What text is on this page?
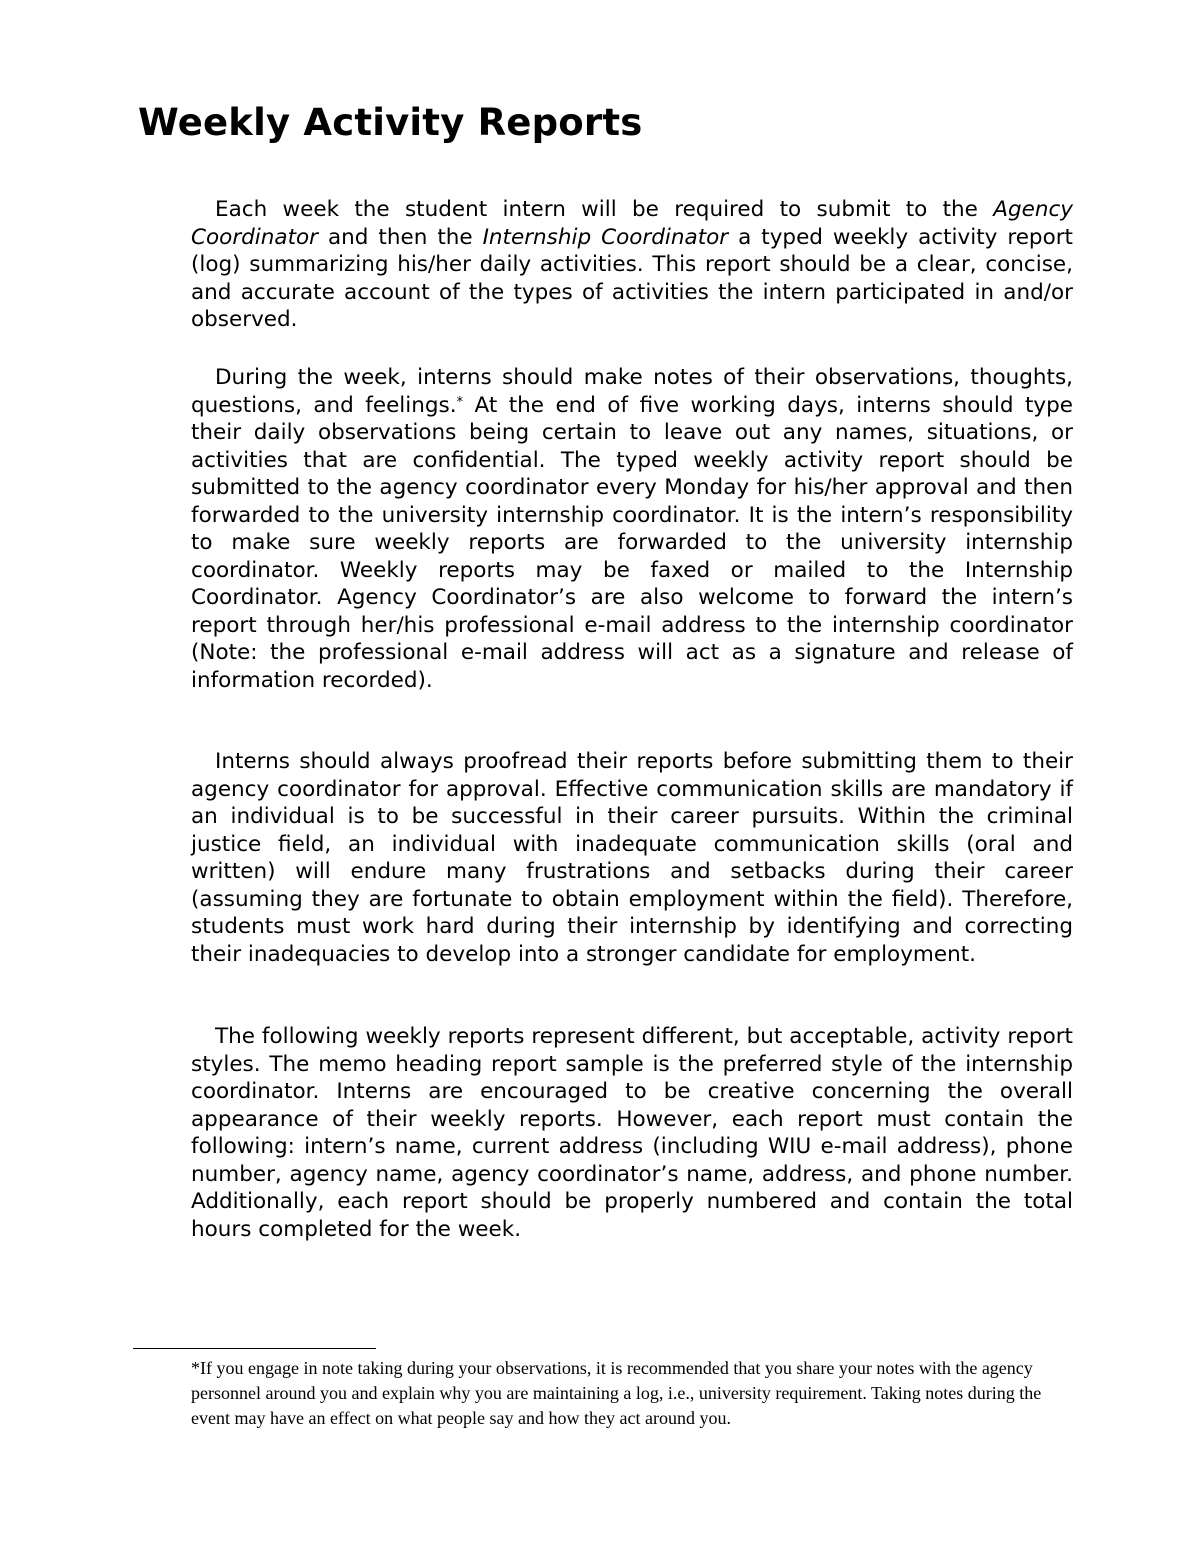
Weekly Activity Reports

Each week the student intern will be required to submit to the Agency Coordinator and then the Internship Coordinator a typed weekly activity report (log) summarizing his/her daily activities. This report should be a clear, concise, and accurate account of the types of activities the intern participated in and/or observed.

During the week, interns should make notes of their observations, thoughts, questions, and feelings.* At the end of five working days, interns should type their daily observations being certain to leave out any names, situations, or activities that are confidential. The typed weekly activity report should be submitted to the agency coordinator every Monday for his/her approval and then forwarded to the university internship coordinator. It is the intern’s responsibility to make sure weekly reports are forwarded to the university internship coordinator. Weekly reports may be faxed or mailed to the Internship Coordinator. Agency Coordinator’s are also welcome to forward the intern’s report through her/his professional e-mail address to the internship coordinator (Note: the professional e-mail address will act as a signature and release of information recorded).

Interns should always proofread their reports before submitting them to their agency coordinator for approval. Effective communication skills are mandatory if an individual is to be successful in their career pursuits. Within the criminal justice field, an individual with inadequate communication skills (oral and written) will endure many frustrations and setbacks during their career (assuming they are fortunate to obtain employment within the field). Therefore, students must work hard during their internship by identifying and correcting their inadequacies to develop into a stronger candidate for employment.

The following weekly reports represent different, but acceptable, activity report styles. The memo heading report sample is the preferred style of the internship coordinator. Interns are encouraged to be creative concerning the overall appearance of their weekly reports. However, each report must contain the following: intern’s name, current address (including WIU e-mail address), phone number, agency name, agency coordinator’s name, address, and phone number. Additionally, each report should be properly numbered and contain the total hours completed for the week.

*If you engage in note taking during your observations, it is recommended that you share your notes with the agency personnel around you and explain why you are maintaining a log, i.e., university requirement. Taking notes during the event may have an effect on what people say and how they act around you.
